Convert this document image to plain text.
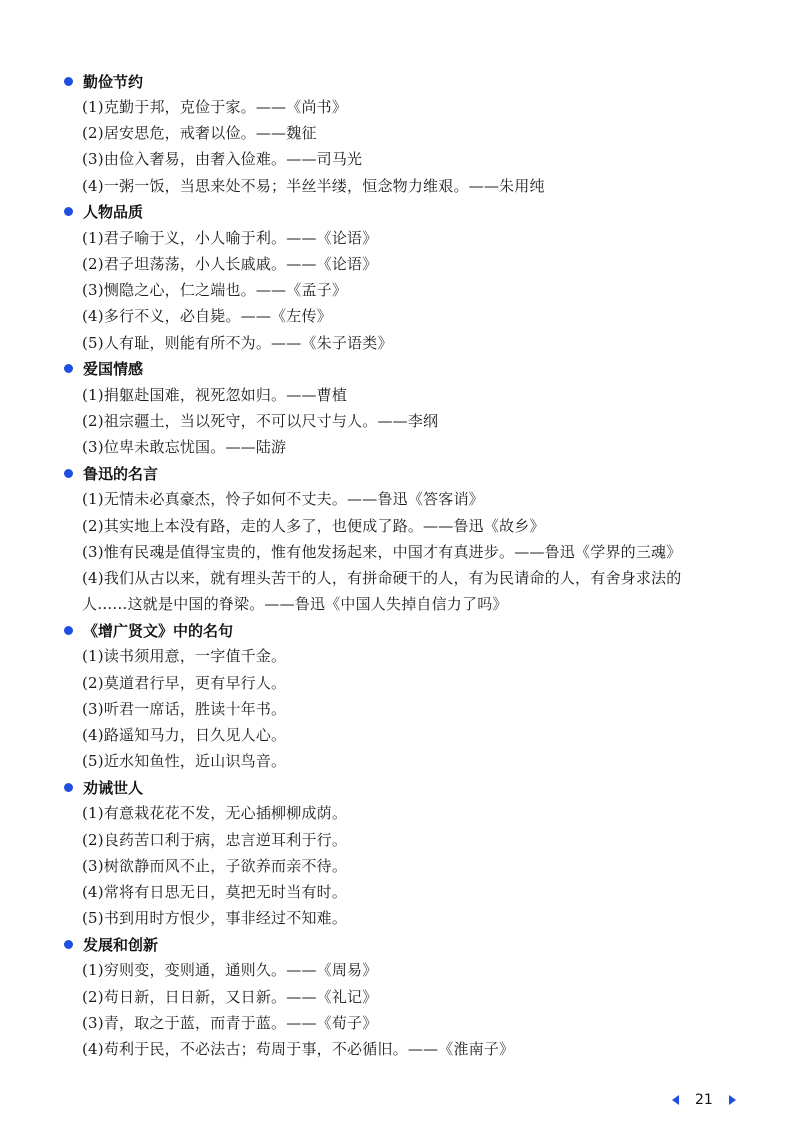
勤俭节约

(1)克勤于邦，克俭于家。——《尚书》

(2)居安思危，戒奢以俭。——魏征

(3)由俭入奢易，由奢入俭难。——司马光

(4)一粥一饭，当思来处不易；半丝半缕，恒念物力维艰。——朱用纯

人物品质

(1)君子喻于义，小人喻于利。——《论语》

(2)君子坦荡荡，小人长戚戚。——《论语》

(3)恻隐之心，仁之端也。——《孟子》

(4)多行不义，必自毙。——《左传》

(5)人有耻，则能有所不为。——《朱子语类》

爱国情感

(1)捐躯赴国难，视死忽如归。——曹植

(2)祖宗疆土，当以死守，不可以尺寸与人。——李纲

(3)位卑未敢忘忧国。——陆游

鲁迅的名言

(1)无情未必真豪杰，怜子如何不丈夫。——鲁迅《答客诮》

(2)其实地上本没有路，走的人多了，也便成了路。——鲁迅《故乡》

(3)惟有民魂是值得宝贵的，惟有他发扬起来，中国才有真进步。——鲁迅《学界的三魂》

(4)我们从古以来，就有埋头苦干的人，有拼命硬干的人，有为民请命的人，有舍身求法的

人……这就是中国的脊梁。——鲁迅《中国人失掉自信力了吗》

《增广贤文》中的名句

(1)读书须用意，一字值千金。

(2)莫道君行早，更有早行人。

(3)听君一席话，胜读十年书。

(4)路遥知马力，日久见人心。

(5)近水知鱼性，近山识鸟音。

劝诫世人

(1)有意栽花花不发，无心插柳柳成荫。

(2)良药苦口利于病，忠言逆耳利于行。

(3)树欲静而风不止，子欲养而亲不待。

(4)常将有日思无日，莫把无时当有时。

(5)书到用时方恨少，事非经过不知难。

发展和创新

(1)穷则变，变则通，通则久。——《周易》

(2)苟日新，日日新，又日新。——《礼记》

(3)青，取之于蓝，而青于蓝。——《荀子》

(4)苟利于民，不必法古；苟周于事，不必循旧。——《淮南子》

21
